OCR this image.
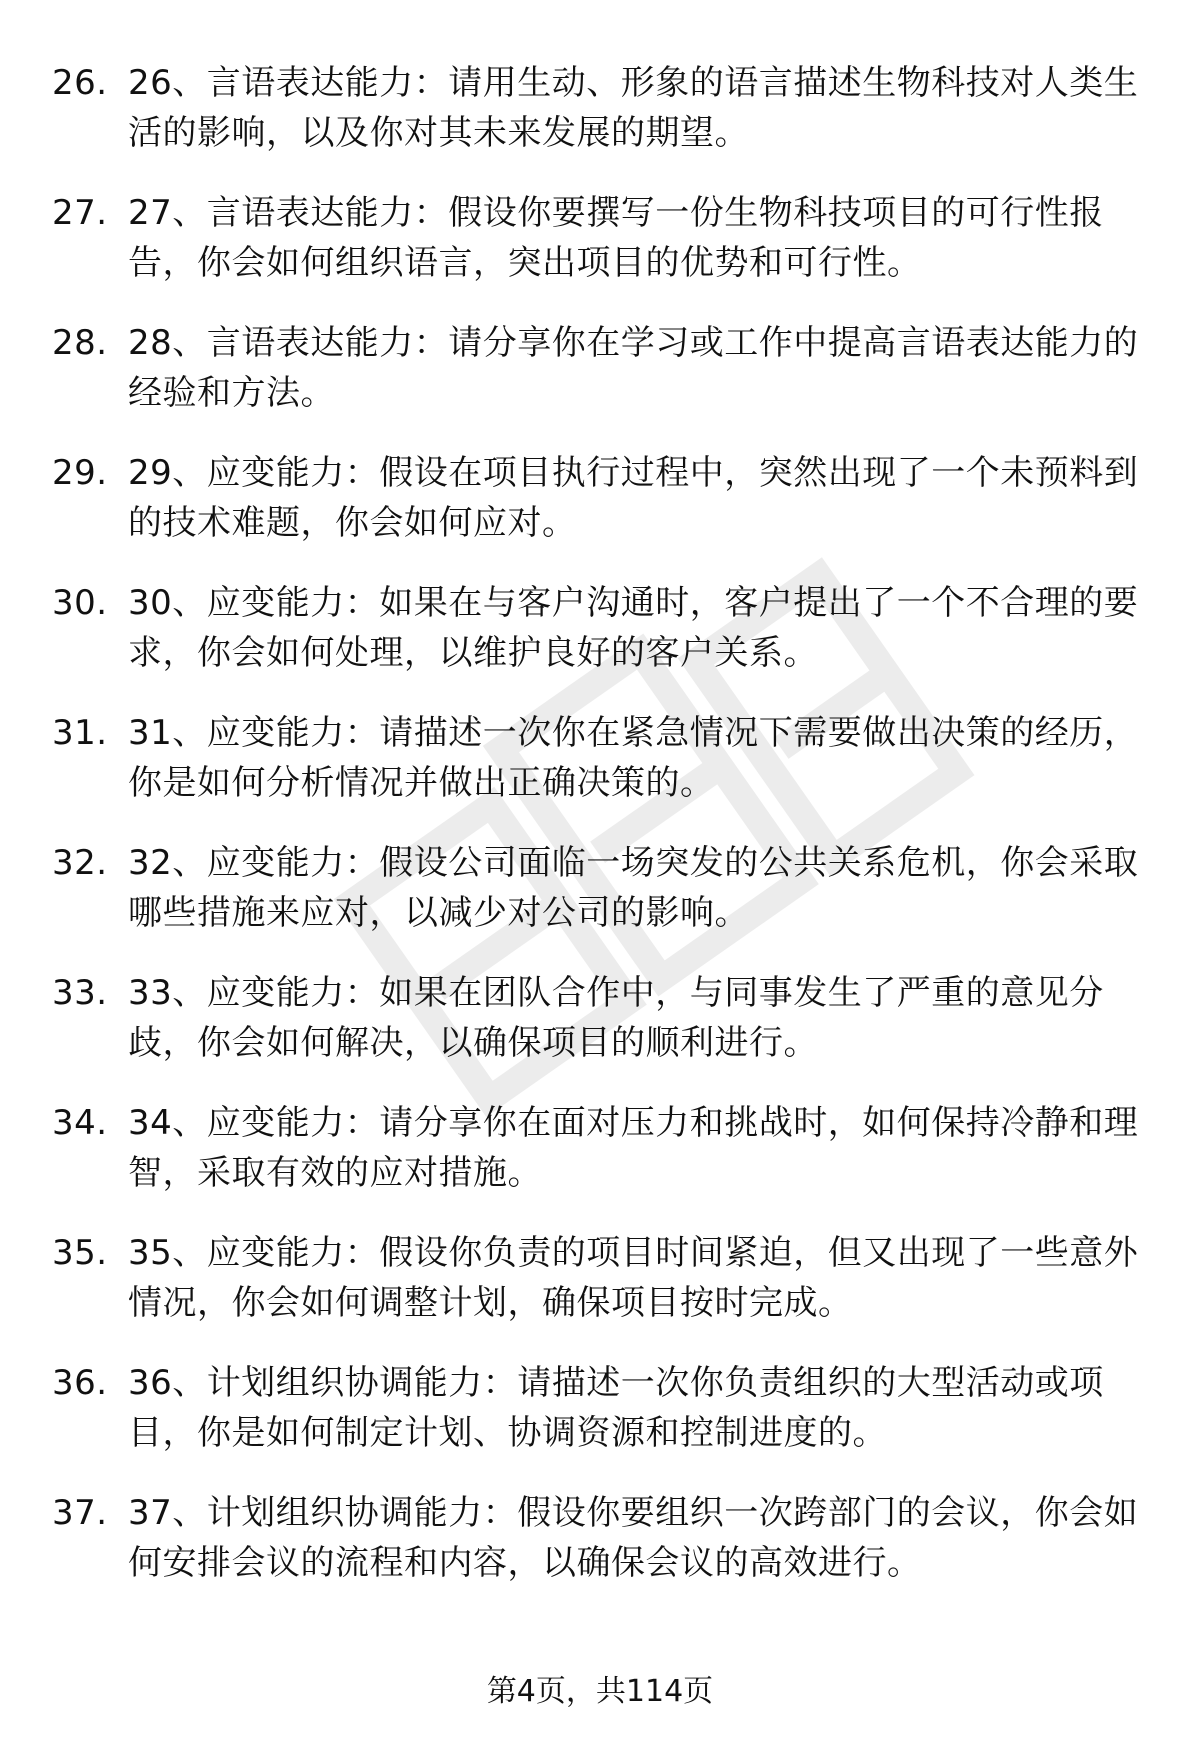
26. 26、言语表达能力：请用生动、形象的语言描述生物科技对人类生活的影响，以及你对其未来发展的期望。
27. 27、言语表达能力：假设你要撰写一份生物科技项目的可行性报告，你会如何组织语言，突出项目的优势和可行性。
28. 28、言语表达能力：请分享你在学习或工作中提高言语表达能力的经验和方法。
29. 29、应变能力：假设在项目执行过程中，突然出现了一个未预料到的技术难题，你会如何应对。
30. 30、应变能力：如果在与客户沟通时，客户提出了一个不合理的要求，你会如何处理，以维护良好的客户关系。
31. 31、应变能力：请描述一次你在紧急情况下需要做出决策的经历，你是如何分析情况并做出正确决策的。
32. 32、应变能力：假设公司面临一场突发的公共关系危机，你会采取哪些措施来应对，以减少对公司的影响。
33. 33、应变能力：如果在团队合作中，与同事发生了严重的意见分歧，你会如何解决，以确保项目的顺利进行。
34. 34、应变能力：请分享你在面对压力和挑战时，如何保持冷静和理智，采取有效的应对措施。
35. 35、应变能力：假设你负责的项目时间紧迫，但又出现了一些意外情况，你会如何调整计划，确保项目按时完成。
36. 36、计划组织协调能力：请描述一次你负责组织的大型活动或项目，你是如何制定计划、协调资源和控制进度的。
37. 37、计划组织协调能力：假设你要组织一次跨部门的会议，你会如何安排会议的流程和内容，以确保会议的高效进行。
第4页，共114页
